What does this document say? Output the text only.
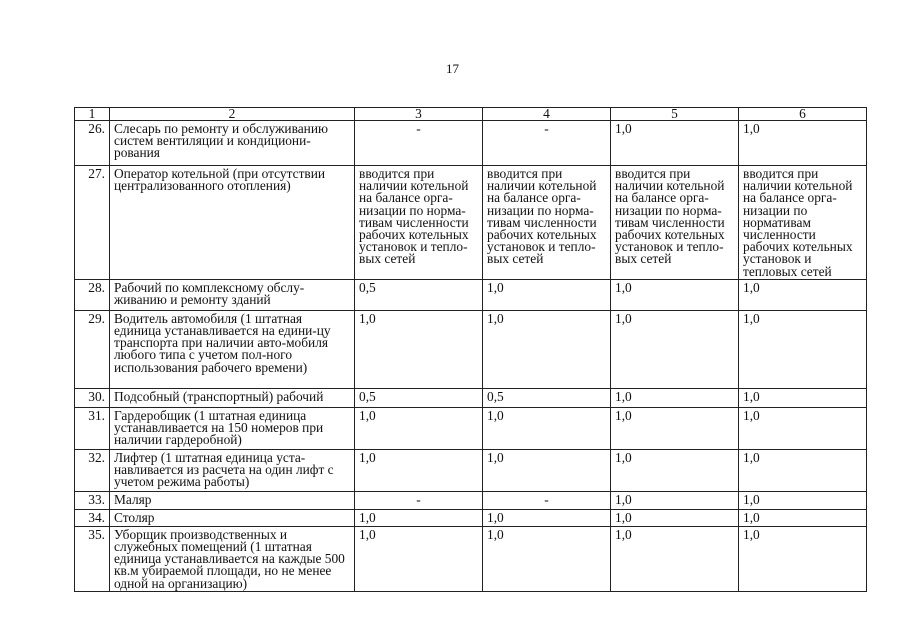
17
1	2	3	4	5	6
26.	Слесарь по ремонту и обслуживанию систем вентиляции и кондициони-рования	-	-	1,0	1,0
27.	Оператор котельной (при отсутствии централизованного отопления)	вводится при наличии котельной на балансе орга-низации по норма-тивам численности рабочих котельных установок и тепло-вых сетей	вводится при наличии котельной на балансе орга-низации по норма-тивам численности рабочих котельных установок и тепло-вых сетей	вводится при наличии котельной на балансе орга-низации по норма-тивам численности рабочих котельных установок и тепло-вых сетей	вводится при наличии котельной на балансе орга-низации по нормативам численности рабочих котельных установок и тепловых сетей
28.	Рабочий по комплексному обслу-живанию и ремонту зданий	0,5	1,0	1,0	1,0
29.	Водитель автомобиля (1 штатная единица устанавливается на едини-цу транспорта при наличии авто-мобиля любого типа с учетом пол-ного использования рабочего времени)	1,0	1,0	1,0	1,0
30.	Подсобный (транспортный) рабочий	0,5	0,5	1,0	1,0
31.	Гардеробщик (1 штатная единица устанавливается на 150 номеров при наличии гардеробной)	1,0	1,0	1,0	1,0
32.	Лифтер (1 штатная единица уста-навливается из расчета на один лифт с учетом режима работы)	1,0	1,0	1,0	1,0
33.	Маляр	-	-	1,0	1,0
34.	Столяр	1,0	1,0	1,0	1,0
35.	Уборщик производственных и служебных помещений (1 штатная единица устанавливается на каждые 500 кв.м убираемой площади, но не менее одной на организацию)	1,0	1,0	1,0	1,0
